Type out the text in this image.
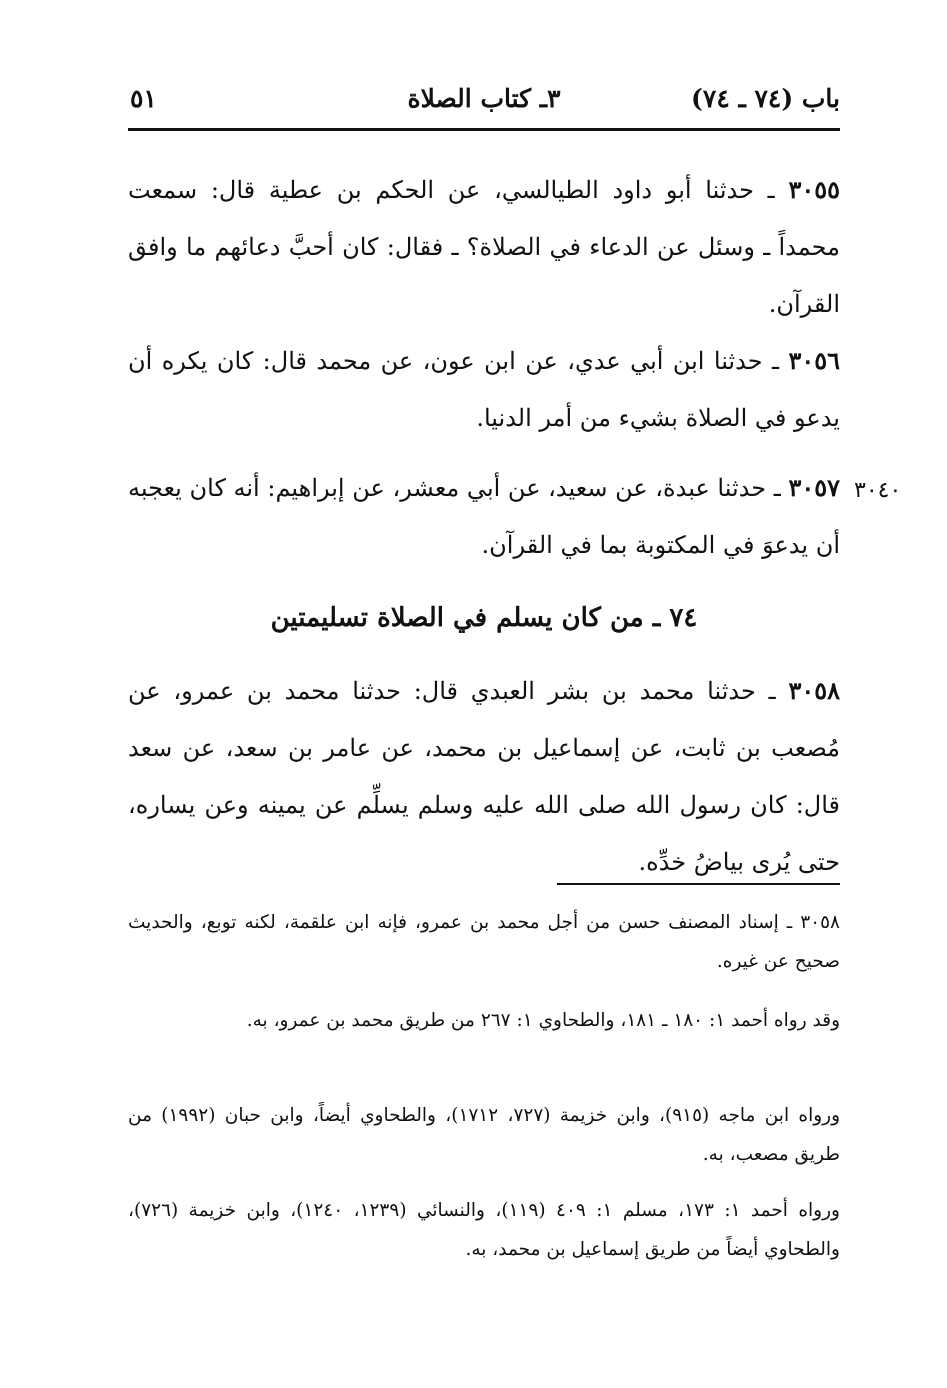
٥١	٣ـ كتاب الصلاة	باب (٧٤ ـ ٧٤)
٣٠٥٥ ـ حدثنا أبو داود الطيالسي، عن الحكم بن عطية قال: سمعت محمداً ـ وسئل عن الدعاء في الصلاة؟ ـ فقال: كان أحبَّ دعائهم ما وافق القرآن.
٣٠٥٦ ـ حدثنا ابن أبي عدي، عن ابن عون، عن محمد قال: كان يكره أن يدعو في الصلاة بشيء من أمر الدنيا.
٣٠٤٠
٣٠٥٧ ـ حدثنا عبدة، عن سعيد، عن أبي معشر، عن إبراهيم: أنه كان يعجبه أن يدعوَ في المكتوبة بما في القرآن.
٧٤ ـ من كان يسلم في الصلاة تسليمتين
٣٠٥٨ ـ حدثنا محمد بن بشر العبدي قال: حدثنا محمد بن عمرو، عن مُصعب بن ثابت، عن إسماعيل بن محمد، عن عامر بن سعد، عن سعد قال: كان رسول الله صلى الله عليه وسلم يسلِّم عن يمينه وعن يساره، حتى يُرى بياضُ خدِّه.
٣٠٥٨ ـ إسناد المصنف حسن من أجل محمد بن عمرو، فإنه ابن علقمة، لكنه توبع، والحديث صحيح عن غيره.
وقد رواه أحمد ١: ١٨٠ ـ ١٨١، والطحاوي ١: ٢٦٧ من طريق محمد بن عمرو، به.
ورواه ابن ماجه (٩١٥)، وابن خزيمة (٧٢٧، ١٧١٢)، والطحاوي أيضاً، وابن حبان (١٩٩٢) من طريق مصعب، به.
ورواه أحمد ١: ١٧٣، مسلم ١: ٤٠٩ (١١٩)، والنسائي (١٢٣٩، ١٢٤٠)، وابن خزيمة (٧٢٦)، والطحاوي أيضاً من طريق إسماعيل بن محمد، به.
